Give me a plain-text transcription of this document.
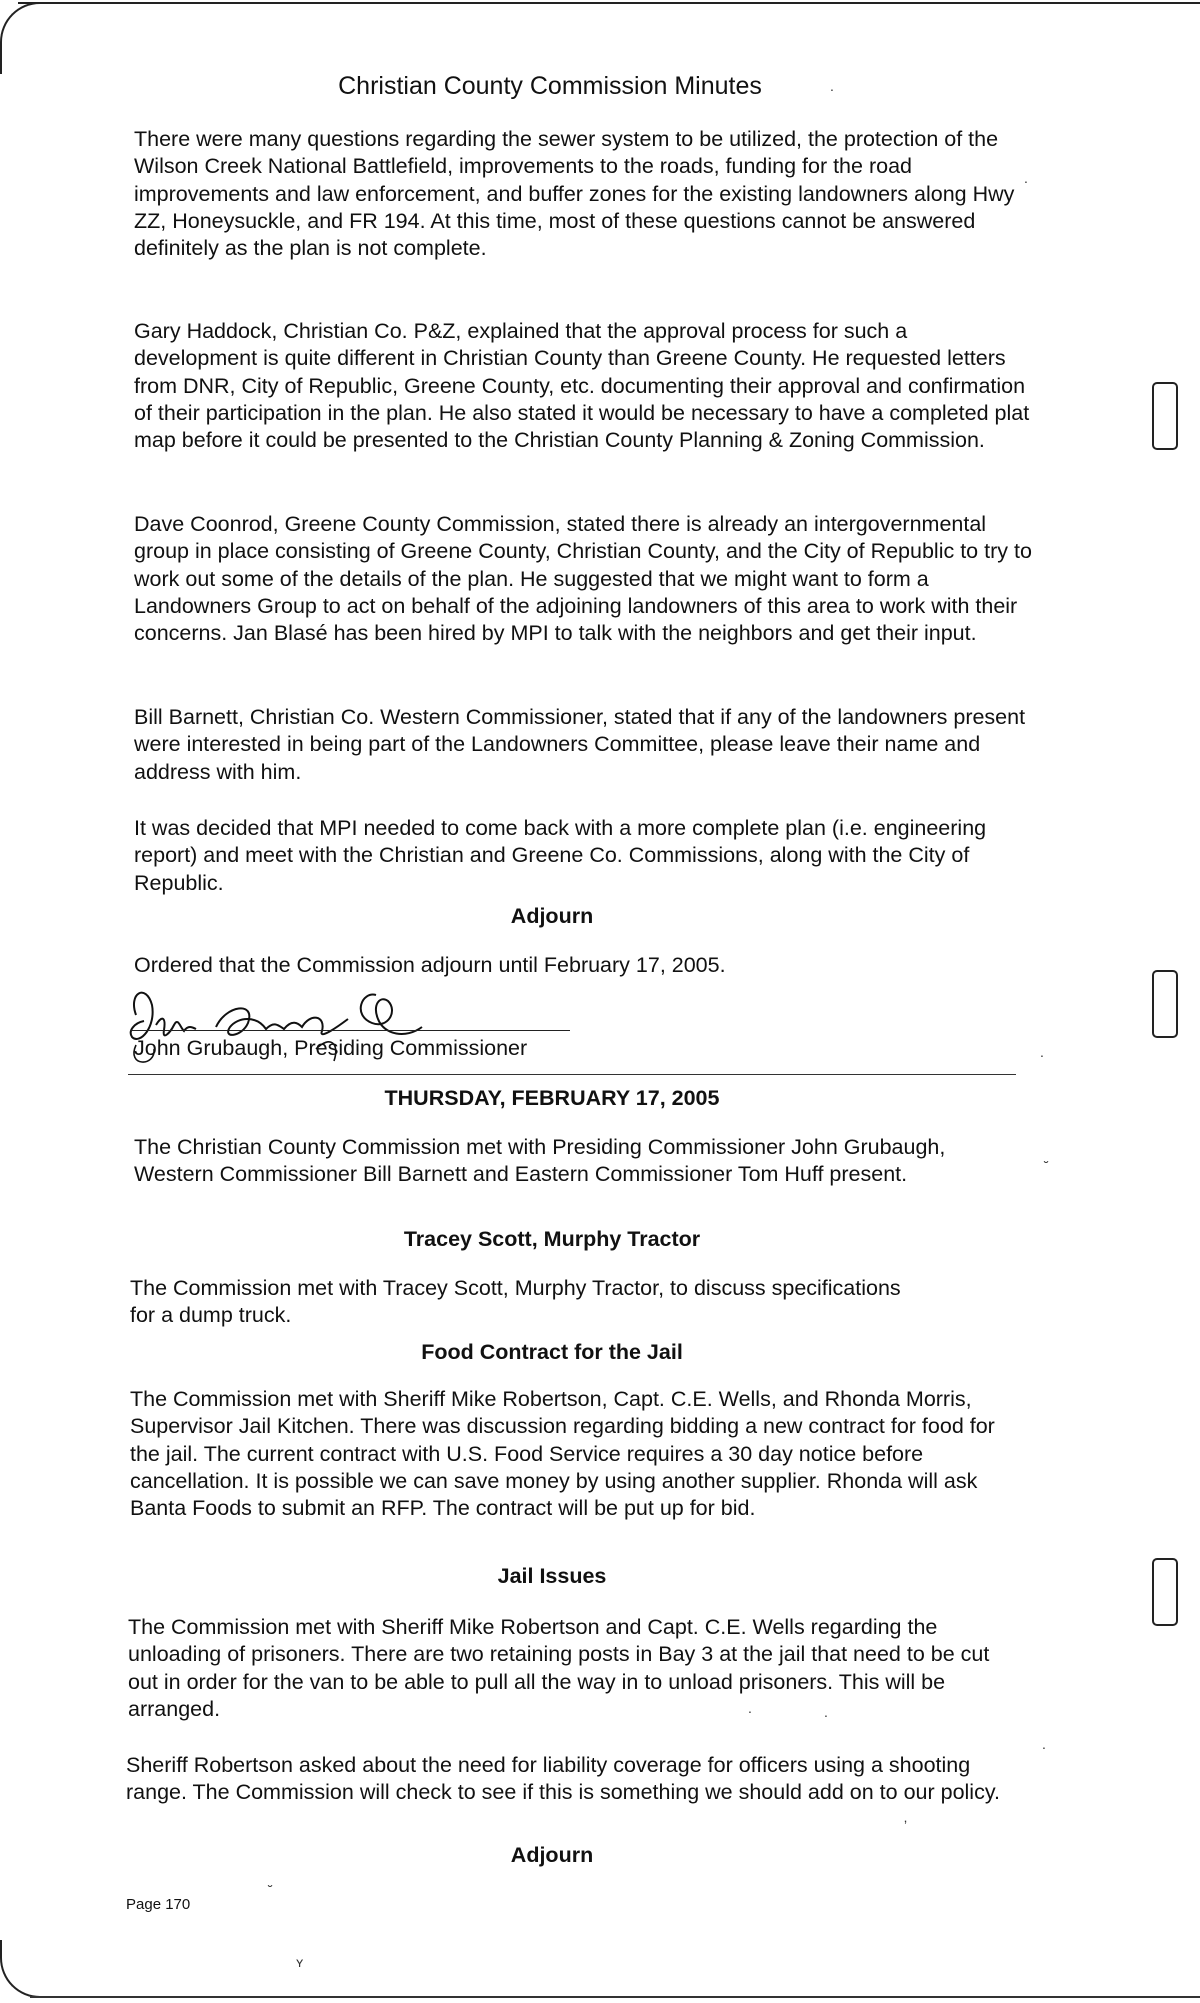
Christian County Commission Minutes

There were many questions regarding the sewer system to be utilized, the protection of the Wilson Creek National Battlefield, improvements to the roads, funding for the road improvements and law enforcement, and buffer zones for the existing landowners along Hwy ZZ, Honeysuckle, and FR 194. At this time, most of these questions cannot be answered definitely as the plan is not complete.

Gary Haddock, Christian Co. P&Z, explained that the approval process for such a development is quite different in Christian County than Greene County. He requested letters from DNR, City of Republic, Greene County, etc. documenting their approval and confirmation of their participation in the plan. He also stated it would be necessary to have a completed plat map before it could be presented to the Christian County Planning & Zoning Commission.

Dave Coonrod, Greene County Commission, stated there is already an intergovernmental group in place consisting of Greene County, Christian County, and the City of Republic to try to work out some of the details of the plan. He suggested that we might want to form a Landowners Group to act on behalf of the adjoining landowners of this area to work with their concerns. Jan Blasé has been hired by MPI to talk with the neighbors and get their input.

Bill Barnett, Christian Co. Western Commissioner, stated that if any of the landowners present were interested in being part of the Landowners Committee, please leave their name and address with him.

It was decided that MPI needed to come back with a more complete plan (i.e. engineering report) and meet with the Christian and Greene Co. Commissions, along with the City of Republic.

Adjourn

Ordered that the Commission adjourn until February 17, 2005.

John Grubaugh, Presiding Commissioner

THURSDAY, FEBRUARY 17, 2005

The Christian County Commission met with Presiding Commissioner John Grubaugh, Western Commissioner Bill Barnett and Eastern Commissioner Tom Huff present.

Tracey Scott, Murphy Tractor

The Commission met with Tracey Scott, Murphy Tractor, to discuss specifications for a dump truck.

Food Contract for the Jail

The Commission met with Sheriff Mike Robertson, Capt. C.E. Wells, and Rhonda Morris, Supervisor Jail Kitchen. There was discussion regarding bidding a new contract for food for the jail. The current contract with U.S. Food Service requires a 30 day notice before cancellation. It is possible we can save money by using another supplier. Rhonda will ask Banta Foods to submit an RFP. The contract will be put up for bid.

Jail Issues

The Commission met with Sheriff Mike Robertson and Capt. C.E. Wells regarding the unloading of prisoners. There are two retaining posts in Bay 3 at the jail that need to be cut out in order for the van to be able to pull all the way in to unload prisoners. This will be arranged.

Sheriff Robertson asked about the need for liability coverage for officers using a shooting range. The Commission will check to see if this is something we should add on to our policy.

Adjourn
Page 170
.
.
.
˘
.	.
.
ʼ
˘
ʏ
